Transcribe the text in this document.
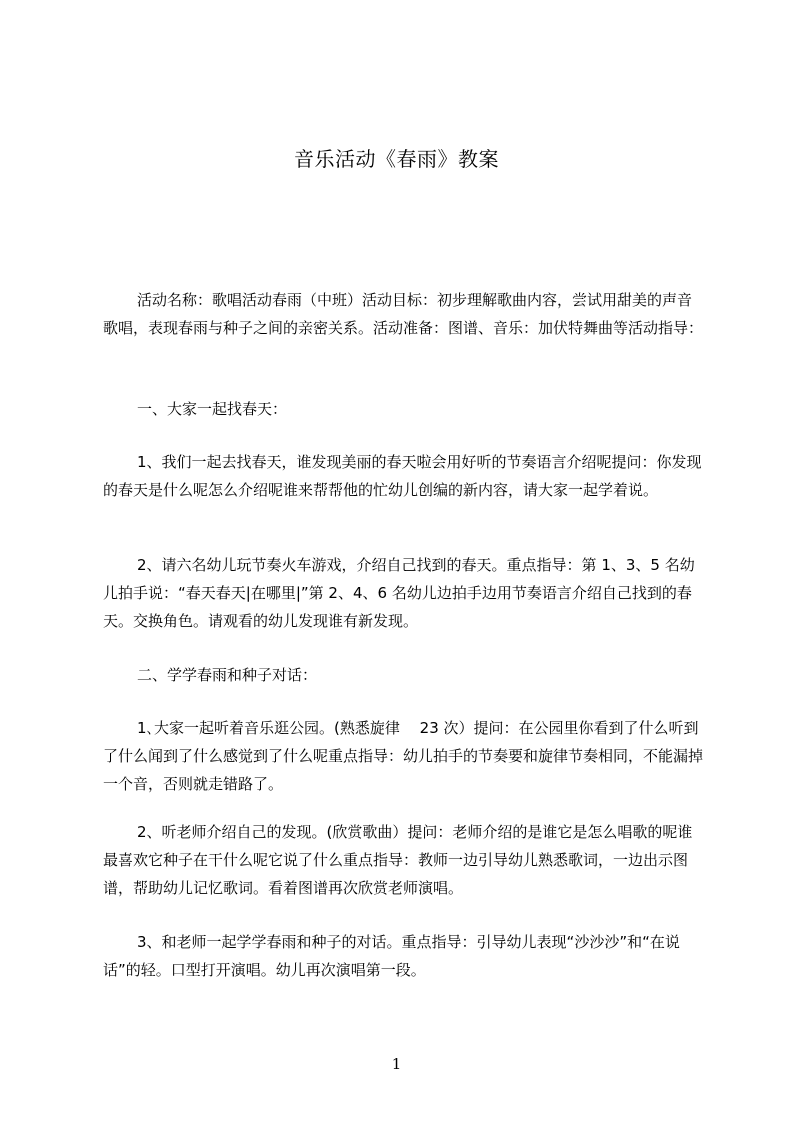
音乐活动《春雨》教案

活动名称：歌唱活动春雨（中班）活动目标：初步理解歌曲内容，尝试用甜美的声音歌唱，表现春雨与种子之间的亲密关系。活动准备：图谱、音乐：加伏特舞曲等活动指导：

一、大家一起找春天：

1、我们一起去找春天，谁发现美丽的春天啦会用好听的节奏语言介绍呢提问：你发现的春天是什么呢怎么介绍呢谁来帮帮他的忙幼儿创编的新内容，请大家一起学着说。

2、请六名幼儿玩节奏火车游戏，介绍自己找到的春天。重点指导：第 1、3、5 名幼儿拍手说：“春天春天|在哪里|”第 2、4、6 名幼儿边拍手边用节奏语言介绍自己找到的春天。交换角色。请观看的幼儿发现谁有新发现。

二、学学春雨和种子对话：

1､大家一起听着音乐逛公园。(熟悉旋律　 23 次）提问：在公园里你看到了什么听到了什么闻到了什么感觉到了什么呢重点指导：幼儿拍手的节奏要和旋律节奏相同，不能漏掉一个音，否则就走错路了。

2、听老师介绍自己的发现。(欣赏歌曲）提问：老师介绍的是谁它是怎么唱歌的呢谁最喜欢它种子在干什么呢它说了什么重点指导：教师一边引导幼儿熟悉歌词，一边出示图谱，帮助幼儿记忆歌词。看着图谱再次欣赏老师演唱。

3、和老师一起学学春雨和种子的对话。重点指导：引导幼儿表现“沙沙沙”和“在说话”的轻。口型打开演唱。幼儿再次演唱第一段。

1
